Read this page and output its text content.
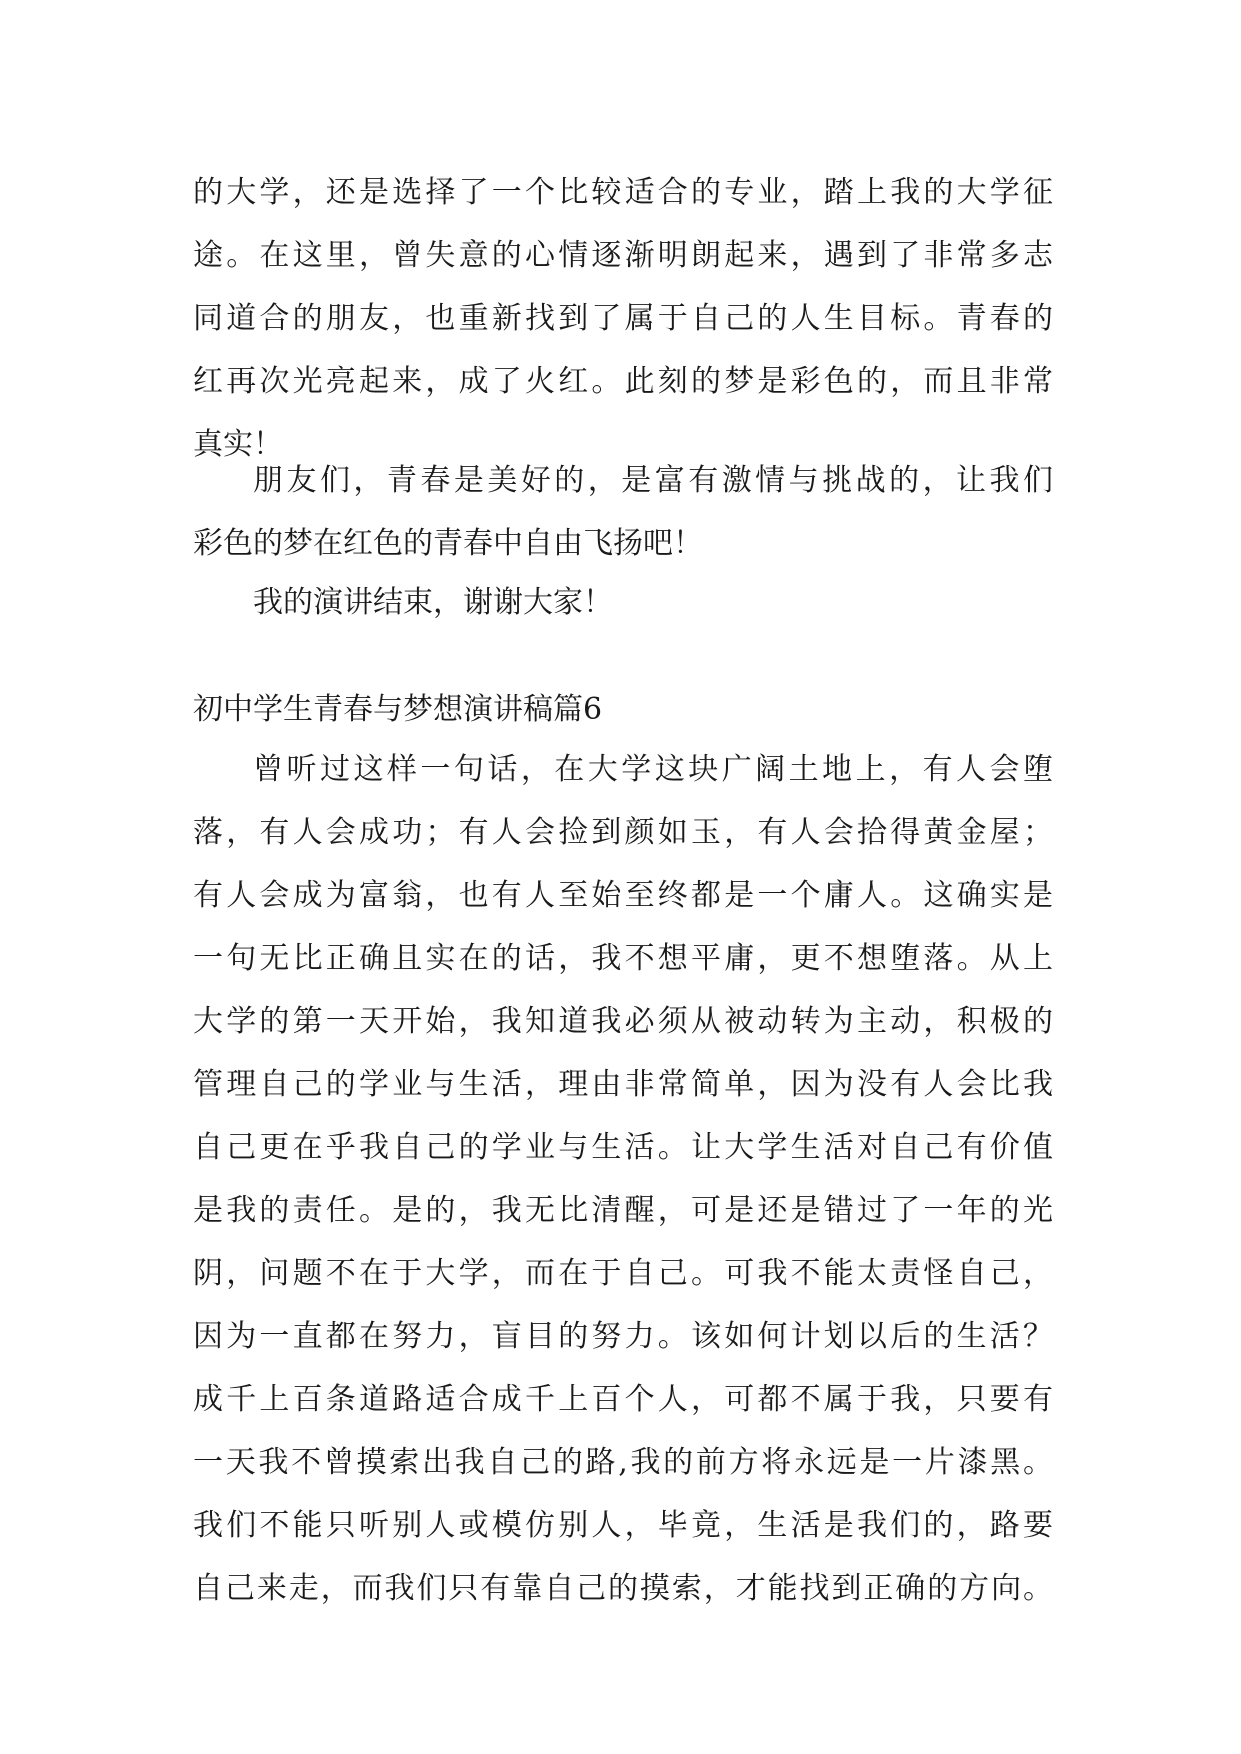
的大学，还是选择了一个比较适合的专业，踏上我的大学征
途。在这里，曾失意的心情逐渐明朗起来，遇到了非常多志
同道合的朋友，也重新找到了属于自己的人生目标。青春的
红再次光亮起来，成了火红。此刻的梦是彩色的，而且非常
真实！
朋友们，青春是美好的，是富有激情与挑战的，让我们
彩色的梦在红色的青春中自由飞扬吧！
我的演讲结束，谢谢大家！
初中学生青春与梦想演讲稿篇6
曾听过这样一句话，在大学这块广阔土地上，有人会堕
落，有人会成功；有人会捡到颜如玉，有人会拾得黄金屋；
有人会成为富翁，也有人至始至终都是一个庸人。这确实是
一句无比正确且实在的话，我不想平庸，更不想堕落。从上
大学的第一天开始，我知道我必须从被动转为主动，积极的
管理自己的学业与生活，理由非常简单，因为没有人会比我
自己更在乎我自己的学业与生活。让大学生活对自己有价值
是我的责任。是的，我无比清醒，可是还是错过了一年的光
阴，问题不在于大学，而在于自己。可我不能太责怪自己，
因为一直都在努力，盲目的努力。该如何计划以后的生活？
成千上百条道路适合成千上百个人，可都不属于我，只要有
一天我不曾摸索出我自己的路,我的前方将永远是一片漆黑。
我们不能只听别人或模仿别人，毕竟，生活是我们的，路要
自己来走，而我们只有靠自己的摸索，才能找到正确的方向。
